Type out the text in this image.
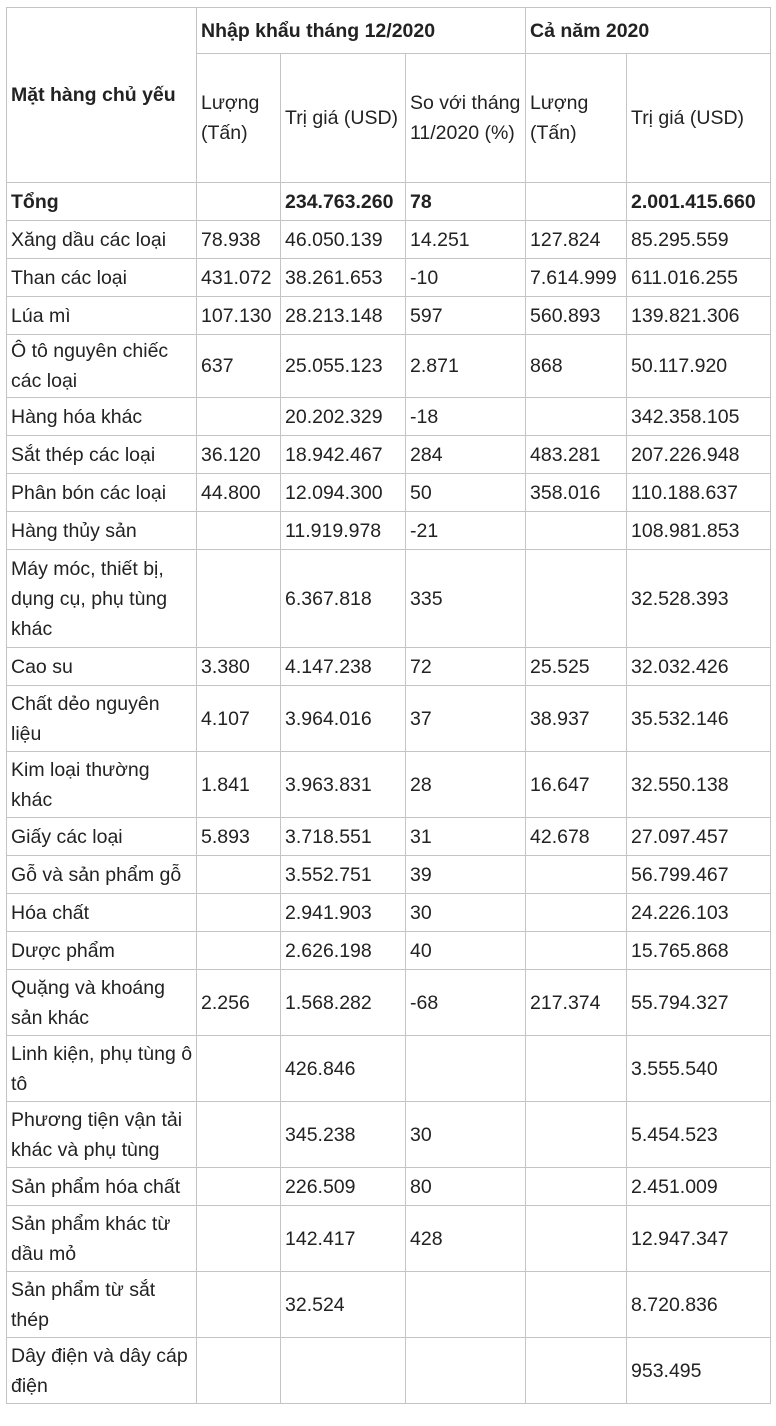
Mặt hàng chủ yếu	Nhập khẩu tháng 12/2020			Cả năm 2020	
	Lượng (Tấn)	Trị giá (USD)	So với tháng 11/2020 (%)	Lượng (Tấn)	Trị giá (USD)
Tổng		234.763.260	78		2.001.415.660
Xăng dầu các loại	78.938	46.050.139	14.251	127.824	85.295.559
Than các loại	431.072	38.261.653	-10	7.614.999	611.016.255
Lúa mì	107.130	28.213.148	597	560.893	139.821.306
Ô tô nguyên chiếc các loại	637	25.055.123	2.871	868	50.117.920
Hàng hóa khác		20.202.329	-18		342.358.105
Sắt thép các loại	36.120	18.942.467	284	483.281	207.226.948
Phân bón các loại	44.800	12.094.300	50	358.016	110.188.637
Hàng thủy sản		11.919.978	-21		108.981.853
Máy móc, thiết bị, dụng cụ, phụ tùng khác		6.367.818	335		32.528.393
Cao su	3.380	4.147.238	72	25.525	32.032.426
Chất dẻo nguyên liệu	4.107	3.964.016	37	38.937	35.532.146
Kim loại thường khác	1.841	3.963.831	28	16.647	32.550.138
Giấy các loại	5.893	3.718.551	31	42.678	27.097.457
Gỗ và sản phẩm gỗ		3.552.751	39		56.799.467
Hóa chất		2.941.903	30		24.226.103
Dược phẩm		2.626.198	40		15.765.868
Quặng và khoáng sản khác	2.256	1.568.282	-68	217.374	55.794.327
Linh kiện, phụ tùng ô tô		426.846			3.555.540
Phương tiện vận tải khác và phụ tùng		345.238	30		5.454.523
Sản phẩm hóa chất		226.509	80		2.451.009
Sản phẩm khác từ dầu mỏ		142.417	428		12.947.347
Sản phẩm từ sắt thép		32.524			8.720.836
Dây điện và dây cáp điện					953.495
